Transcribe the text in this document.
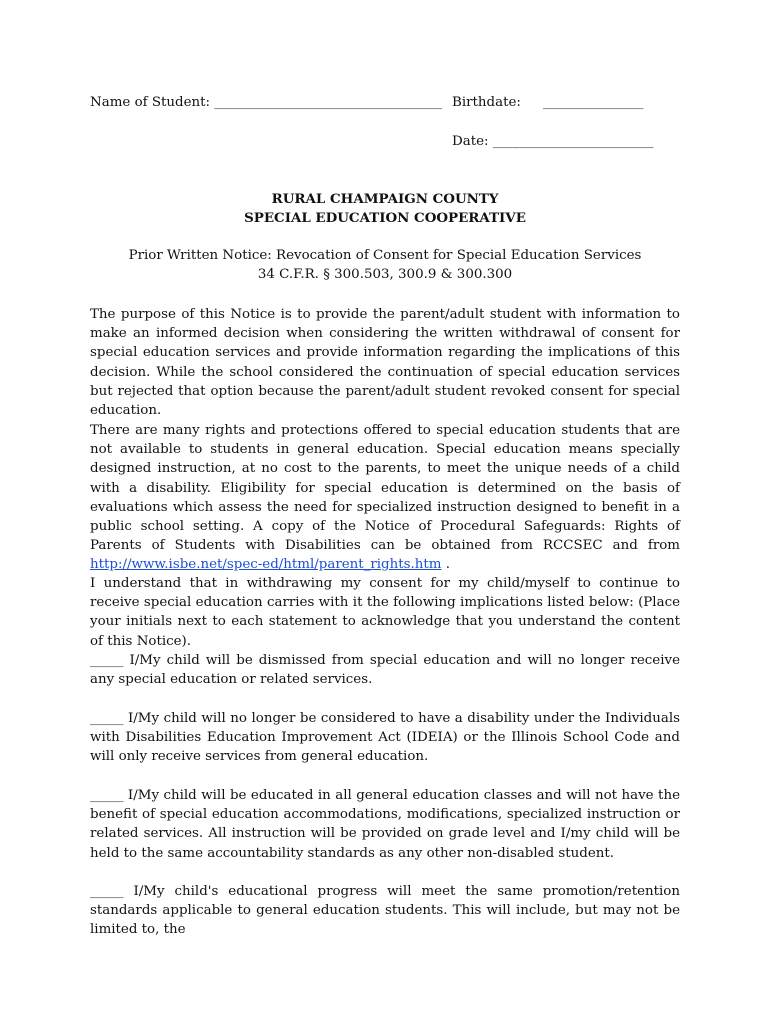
Name of Student: __________________________________ Birthdate: _______________
Date: ________________________
RURAL CHAMPAIGN COUNTY
SPECIAL EDUCATION COOPERATIVE
Prior Written Notice: Revocation of Consent for Special Education Services
34 C.F.R. § 300.503, 300.9 & 300.300

The purpose of this Notice is to provide the parent/adult student with information to make an informed decision when considering the written withdrawal of consent for special education services and provide information regarding the implications of this decision. While the school considered the continuation of special education services but rejected that option because the parent/adult student revoked consent for special education.

There are many rights and protections offered to special education students that are not available to students in general education. Special education means specially designed instruction, at no cost to the parents, to meet the unique needs of a child with a disability. Eligibility for special education is determined on the basis of evaluations which assess the need for specialized instruction designed to benefit in a public school setting. A copy of the Notice of Procedural Safeguards: Rights of Parents of Students with Disabilities can be obtained from RCCSEC and from http://www.isbe.net/spec-ed/html/parent_rights.htm .

I understand that in withdrawing my consent for my child/myself to continue to receive special education carries with it the following implications listed below: (Place your initials next to each statement to acknowledge that you understand the content of this Notice).

_____ I/My child will be dismissed from special education and will no longer receive any special education or related services.

_____ I/My child will no longer be considered to have a disability under the Individuals with Disabilities Education Improvement Act (IDEIA) or the Illinois School Code and will only receive services from general education.

_____ I/My child will be educated in all general education classes and will not have the benefit of special education accommodations, modifications, specialized instruction or related services. All instruction will be provided on grade level and I/my child will be held to the same accountability standards as any other non-disabled student.

_____ I/My child's educational progress will meet the same promotion/retention standards applicable to general education students. This will include, but may not be limited to, the
